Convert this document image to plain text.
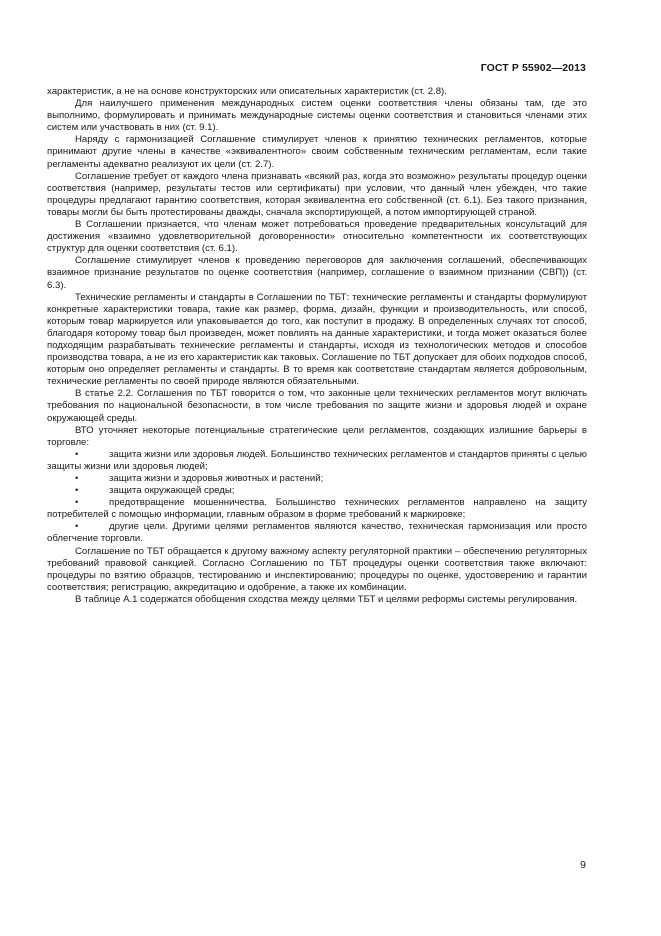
ГОСТ Р 55902—2013

характеристик, а не на основе конструкторских или описательных характеристик (ст. 2.8).

Для наилучшего применения международных систем оценки соответствия члены обязаны там, где это выполнимо, формулировать и принимать международные системы оценки соответствия и становиться членами этих систем или участвовать в них (ст. 9.1).

Наряду с гармонизацией Соглашение стимулирует членов к принятию технических регламентов, которые принимают другие члены в качестве «эквивалентного» своим собственным техническим регламентам, если такие регламенты адекватно реализуют их цели (ст. 2.7).

Соглашение требует от каждого члена признавать «всякий раз, когда это возможно» результаты процедур оценки соответствия (например, результаты тестов или сертификаты) при условии, что данный член убежден, что такие процедуры предлагают гарантию соответствия, которая эквивалентна его собственной (ст. 6.1). Без такого признания, товары могли бы быть протестированы дважды, сначала экспортирующей, а потом импортирующей страной.

В Соглашении признается, что членам может потребоваться проведение предварительных консультаций для достижения «взаимно удовлетворительной договоренности» относительно компетентности их соответствующих структур для оценки соответствия (ст. 6.1).

Соглашение стимулирует членов к проведению переговоров для заключения соглашений, обеспечивающих взаимное признание результатов по оценке соответствия (например, соглашение о взаимном признании (СВП)) (ст. 6.3).

Технические регламенты и стандарты в Соглашении по ТБТ: технические регламенты и стандарты формулируют конкретные характеристики товара, такие как размер, форма, дизайн, функции и производительность, или способ, которым товар маркируется или упаковывается до того, как поступит в продажу. В определенных случаях тот способ, благодаря которому товар был произведен, может повлиять на данные характеристики, и тогда может оказаться более подходящим разрабатывать технические регламенты и стандарты, исходя из технологических методов и способов производства товара, а не из его характеристик как таковых. Соглашение по ТБТ допускает для обоих подходов способ, которым оно определяет регламенты и стандарты. В то время как соответствие стандартам является добровольным, технические регламенты по своей природе являются обязательными.

В статье 2.2. Соглашения по ТБТ говорится о том, что законные цели технических регламентов могут включать требования по национальной безопасности, в том числе требования по защите жизни и здоровья людей и охране окружающей среды.

ВТО уточняет некоторые потенциальные стратегические цели регламентов, создающих излишние барьеры в торговле:

•	защита жизни или здоровья людей. Большинство технических регламентов и стандартов приняты с целью защиты жизни или здоровья людей;

•	защита жизни и здоровья животных и растений;
•	защита окружающей среды;

•	предотвращение мошенничества. Большинство технических регламентов направлено на защиту потребителей с помощью информации, главным образом в форме требований к маркировке;

•	другие цели. Другими целями регламентов являются качество, техническая гармонизация или просто облегчение торговли.

Соглашение по ТБТ обращается к другому важному аспекту регуляторной практики – обеспечению регуляторных требований правовой санкцией. Согласно Соглашению по ТБТ процедуры оценки соответствия также включают: процедуры по взятию образцов, тестированию и инспектированию; процедуры по оценке, удостоверению и гарантии соответствия; регистрацию, аккредитацию и одобрение, а также их комбинации.

В таблице А.1 содержатся обобщения сходства между целями ТБТ и целями реформы системы регулирования.

9
